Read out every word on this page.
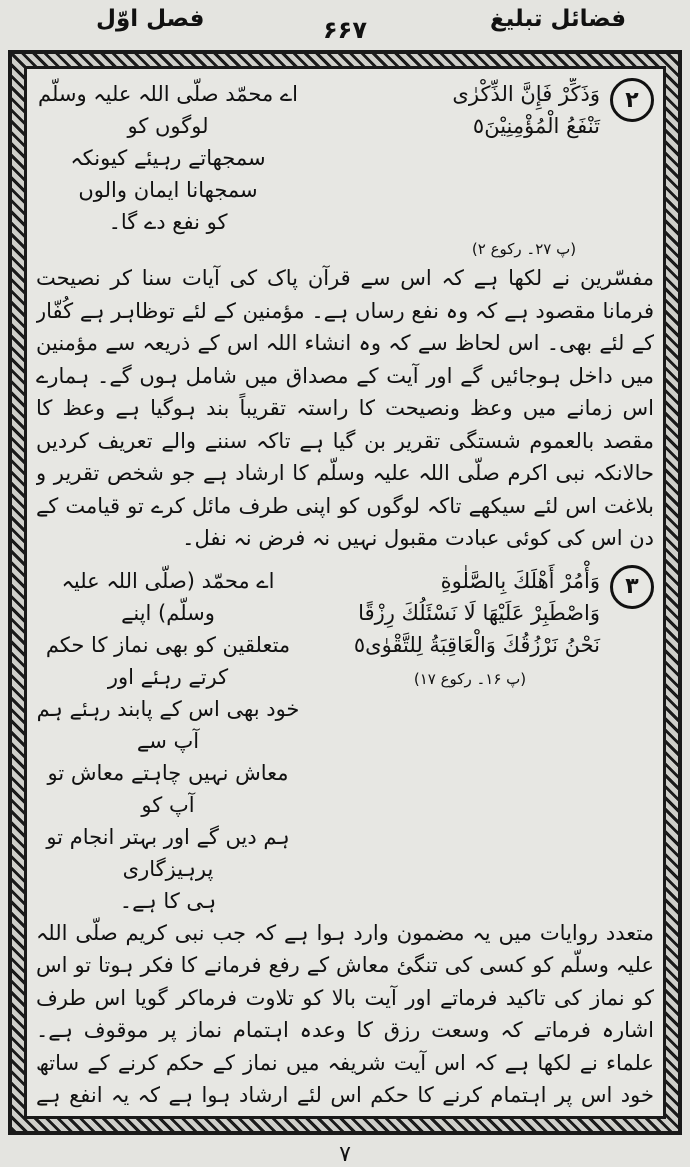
فضائل تبلیغ
۶۶۷
فصل اوّل
۲
وَذَكِّرْ فَإِنَّ الذِّكْرٰى
تَنْفَعُ الْمُؤْمِنِيْنَ٥
اے محمّد صلّی اللہ علیہ وسلّم لوگوں کو
سمجھاتے رہیئے کیونکہ سمجھانا ایمان والوں
کو نفع دے گا۔
(پ ۲۷۔ رکوع ۲)

مفسّرین نے لکھا ہے کہ اس سے قرآن پاک کی آیات سنا کر نصیحت فرمانا مقصود ہے کہ وہ نفع رساں ہے۔ مؤمنین کے لئے توظاہر ہے کُفّار کے لئے بھی۔ اس لحاظ سے کہ وہ انشاء اللہ اس کے ذریعہ سے مؤمنین میں داخل ہوجائیں گے اور آیت کے مصداق میں شامل ہوں گے۔ ہمارے اس زمانے میں وعظ ونصیحت کا راستہ تقریباً بند ہوگیا ہے وعظ کا مقصد بالعموم شستگی تقریر بن گیا ہے تاکہ سننے والے تعریف کردیں حالانکہ نبی اکرم صلّی اللہ علیہ وسلّم کا ارشاد ہے جو شخص تقریر و بلاغت اس لئے سیکھے تاکہ لوگوں کو اپنی طرف مائل کرے تو قیامت کے دن اس کی کوئی عبادت مقبول نہیں نہ فرض نہ نفل۔

۳
وَأْمُرْ أَهْلَكَ بِالصَّلٰوةِ
وَاصْطَبِرْ عَلَيْهَا لَا نَسْئَلُكَ رِزْقًا
نَحْنُ نَرْزُقُكَ وَالْعَاقِبَةُ لِلتَّقْوٰى٥
(پ ۱۶۔ رکوع ۱۷)
اے محمّد (صلّی اللہ علیہ وسلّم) اپنے
متعلقین کو بھی نماز کا حکم کرتے رہئے اور
خود بھی اس کے پابند رہئے ہم آپ سے
معاش نہیں چاہتے معاش تو آپ کو
ہم دیں گے اور بہتر انجام تو پرہیزگاری
ہی کا ہے۔

متعدد روایات میں یہ مضمون وارد ہوا ہے کہ جب نبی کریم صلّی اللہ علیہ وسلّم کو کسی کی تنگئ معاش کے رفع فرمانے کا فکر ہوتا تو اس کو نماز کی تاکید فرماتے اور آیت بالا کو تلاوت فرماکر گویا اس طرف اشارہ فرماتے کہ وسعت رزق کا وعدہ اہتمام نماز پر موقوف ہے۔ علماء نے لکھا ہے کہ اس آیت شریفہ میں نماز کے حکم کرنے کے ساتھ خود اس پر اہتمام کرنے کا حکم اس لئے ارشاد ہوا ہے کہ یہ انفع ہے

۷
